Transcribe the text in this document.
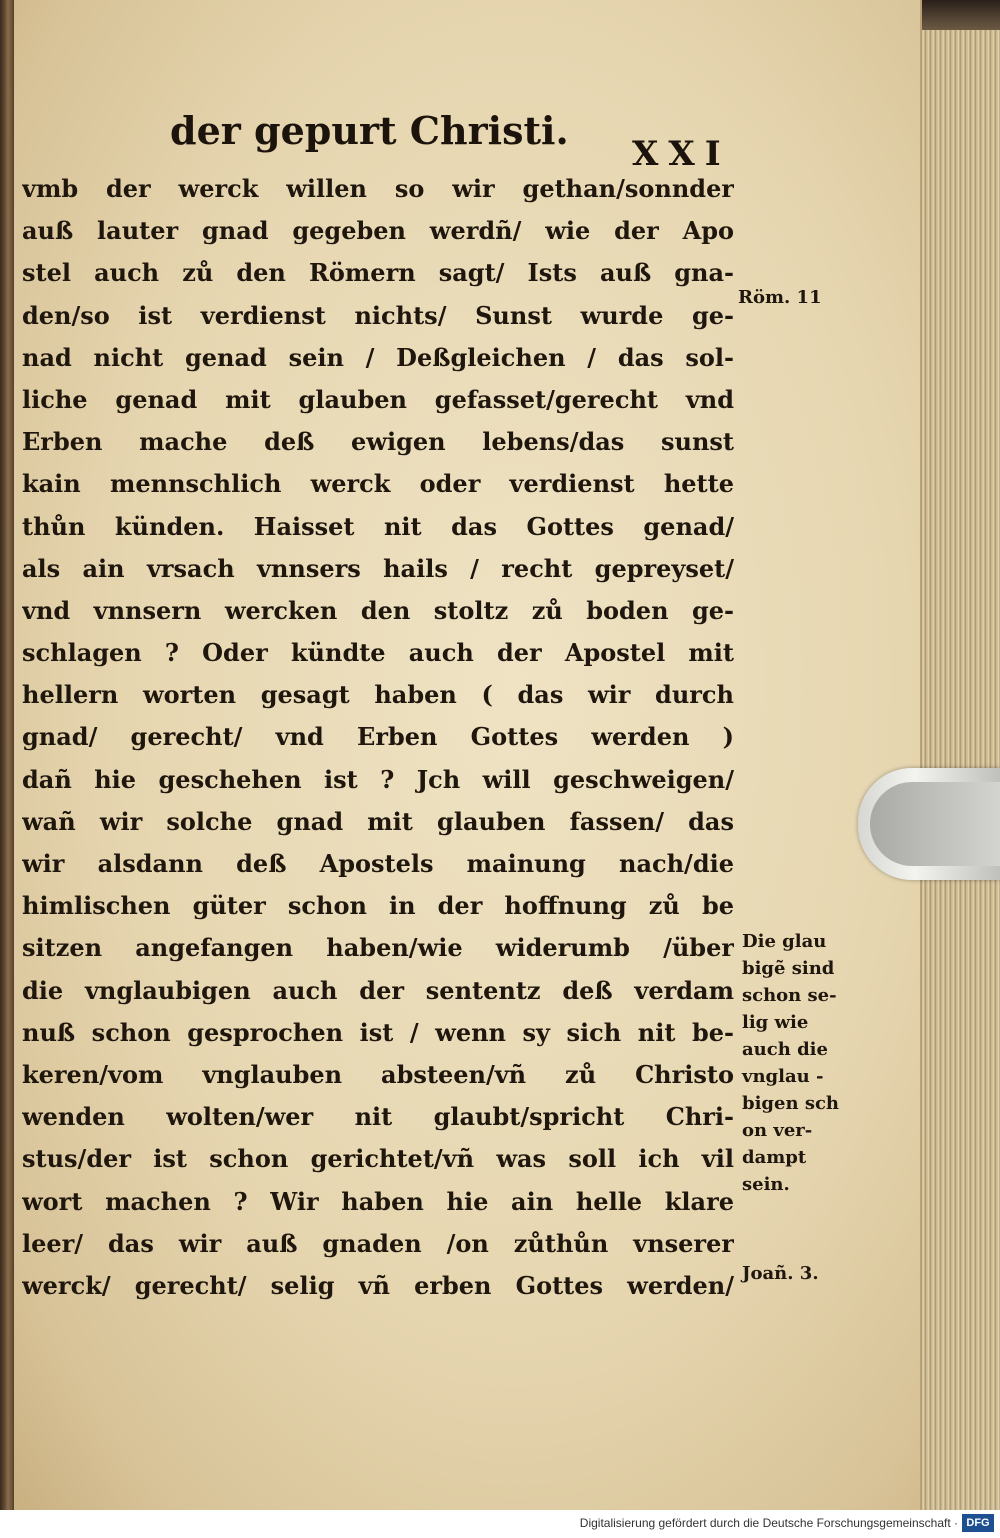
der gepurt Christi.
XXI
vmb der werck willen so wir gethan/sonnder
auß lauter gnad gegeben werdñ/ wie der Apo
stel auch zů den Römern sagt/ Ists auß gna-
den/so ist verdienst nichts/ Sunst wurde ge-
nad nicht genad sein / Deßgleichen / das sol-
liche genad mit glauben gefasset/gerecht vnd
Erben mache deß ewigen lebens/das sunst
kain mennschlich werck oder verdienst hette
thůn künden. Haisset nit das Gottes genad/
als ain vrsach vnnsers hails / recht gepreyset/
vnd vnnsern wercken den stoltz zů boden ge-
schlagen ? Oder kündte auch der Apostel mit
hellern worten gesagt haben ( das wir durch
gnad/ gerecht/ vnd Erben Gottes werden )
dañ hie geschehen ist ? Jch will geschweigen/
wañ wir solche gnad mit glauben fassen/ das
wir alsdann deß Apostels mainung nach/die
himlischen güter schon in der hoffnung zů be
sitzen angefangen haben/wie widerumb /über
die vnglaubigen auch der sententz deß verdam
nuß schon gesprochen ist / wenn sy sich nit be-
keren/vom vnglauben absteen/vñ zů Christo
wenden wolten/wer nit glaubt/spricht Chri-
stus/der ist schon gerichtet/vñ was soll ich vil
wort machen ? Wir haben hie ain helle klare
leer/ das wir auß gnaden /on zůthůn vnserer
werck/ gerecht/ selig vñ erben Gottes werden/
Röm. 11
Die glau
bigẽ sind
schon se-
lig wie
auch die
vnglau -
bigen sch
on ver-
dampt
sein.
Joañ. 3.
Digitalisierung gefördert durch die Deutsche Forschungsgemeinschaft · DFG
